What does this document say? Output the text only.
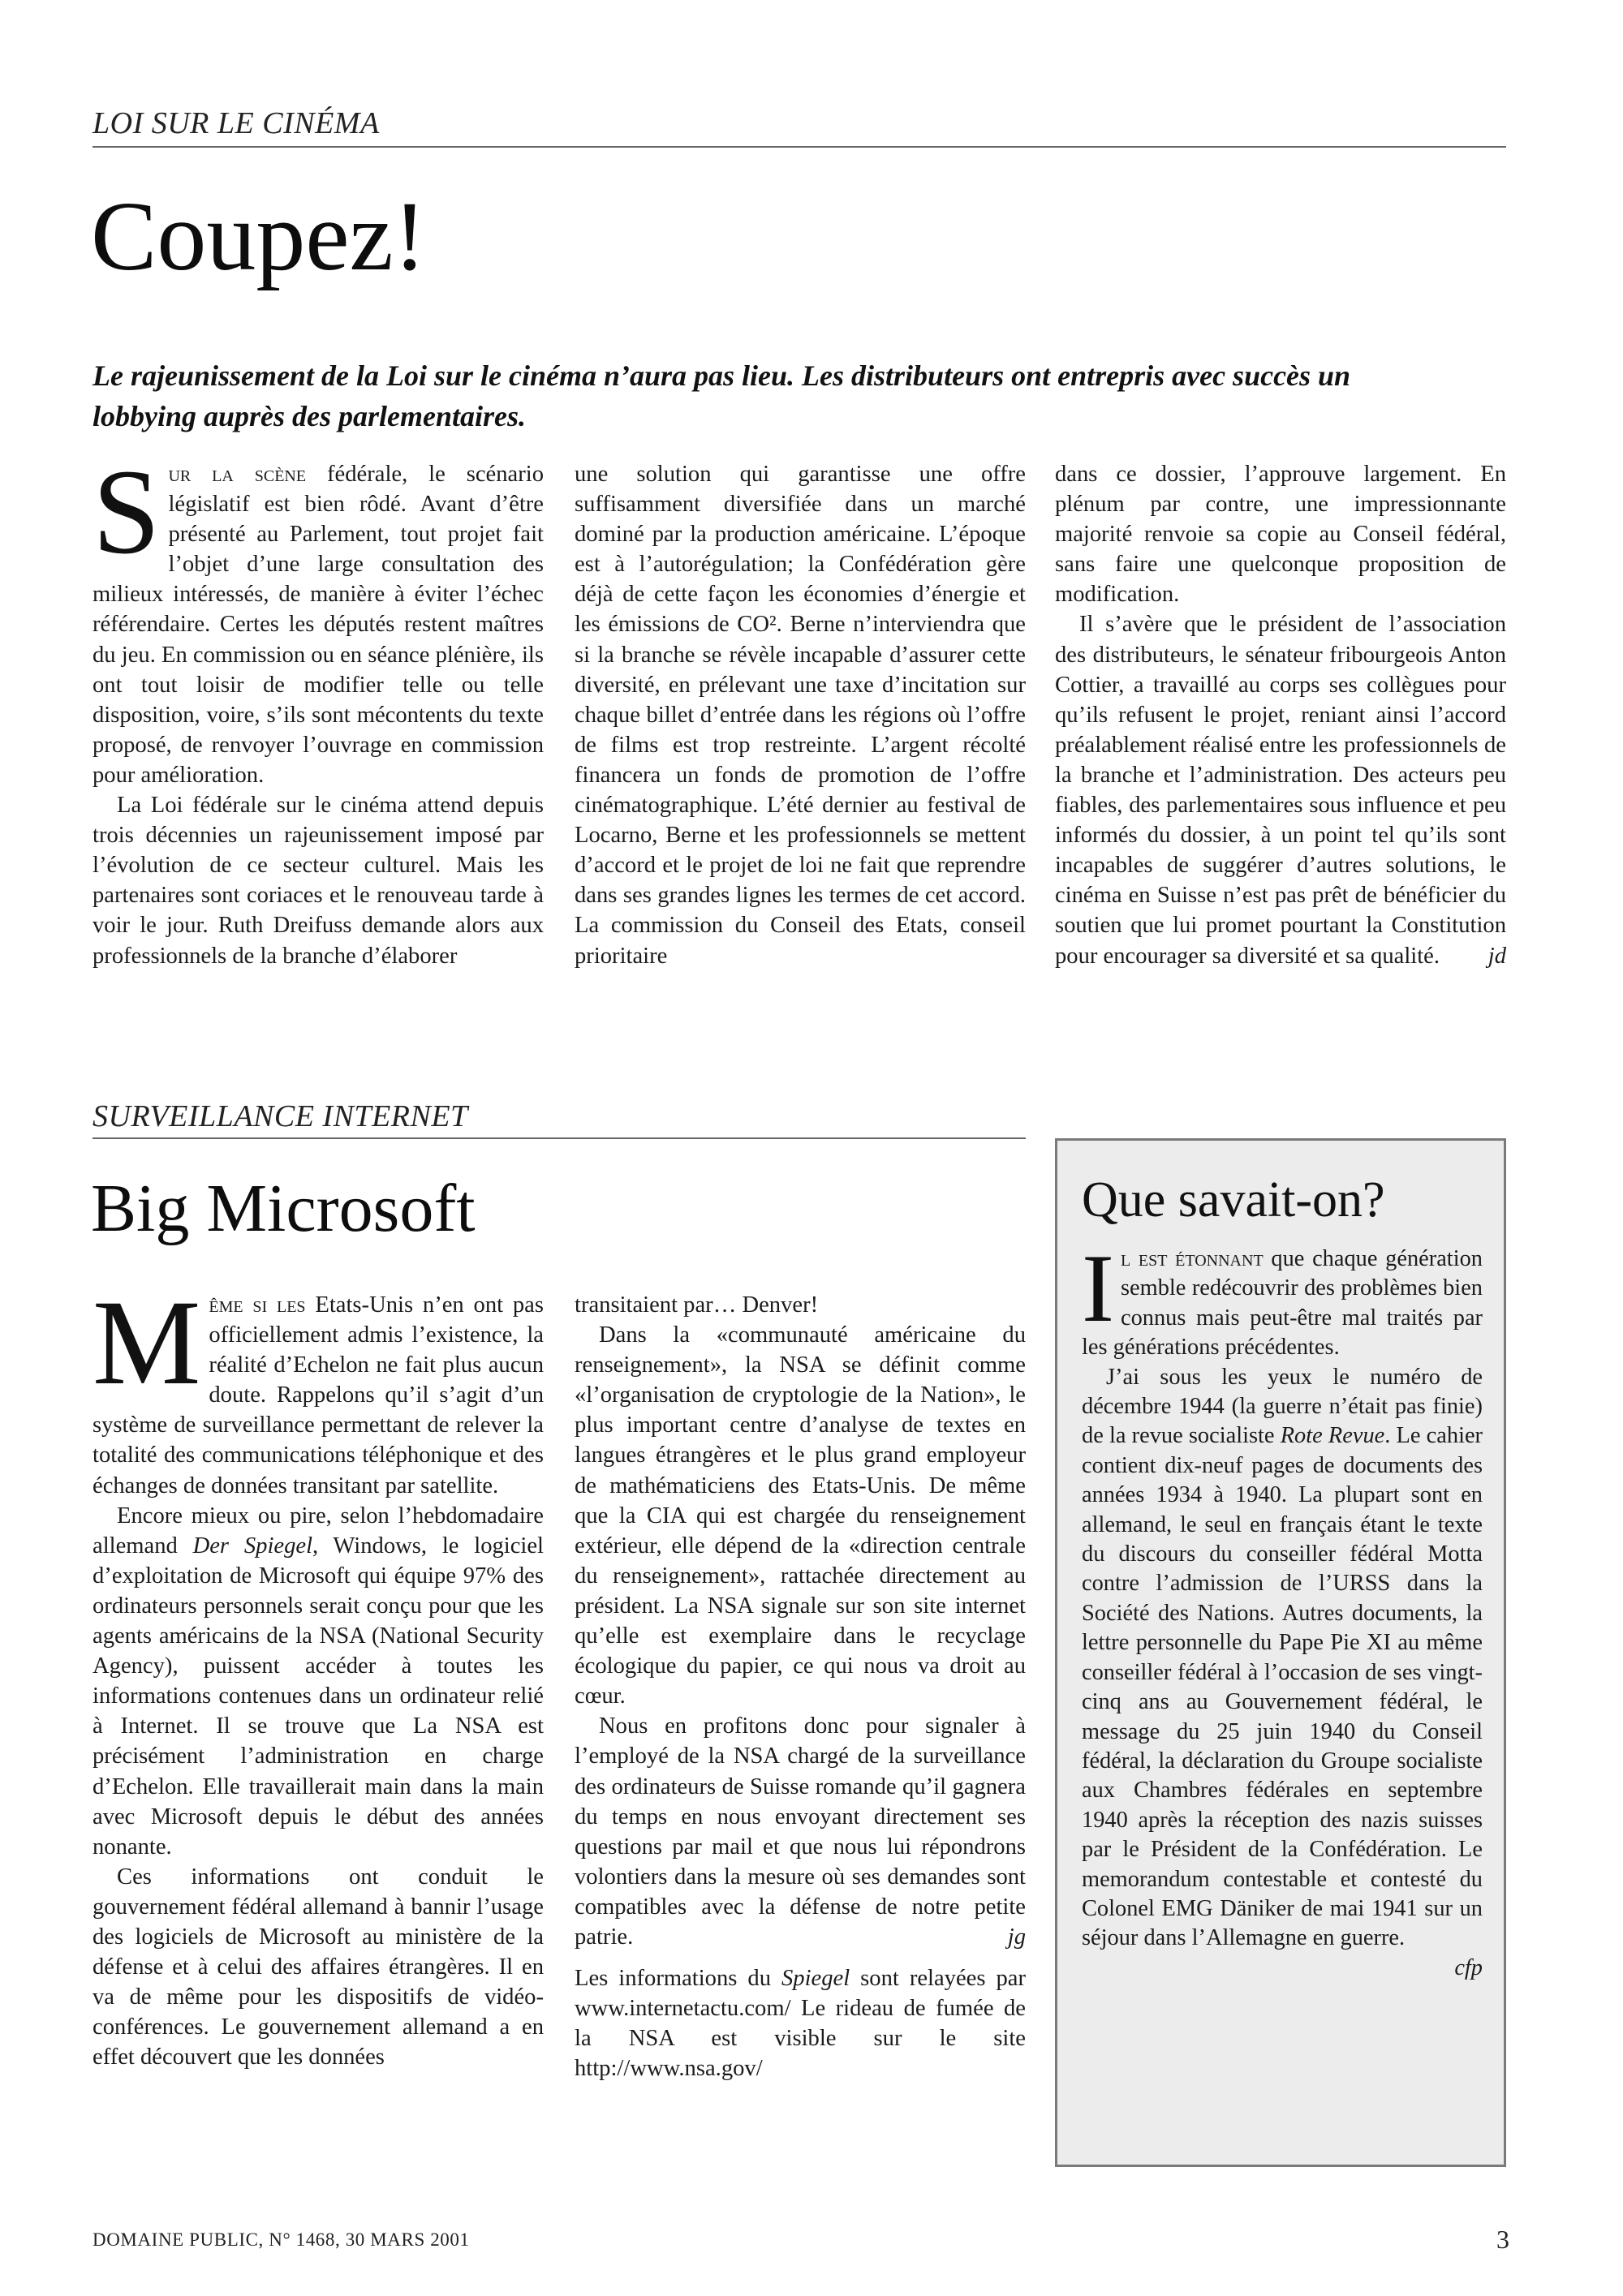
LOI SUR LE CINÉMA
Coupez!

Le rajeunissement de la Loi sur le cinéma n’aura pas lieu. Les distributeurs ont entrepris avec succès un lobbying auprès des parlementaires.

Sur la scène fédérale, le scénario législatif est bien rôdé. Avant d’être présenté au Parlement, tout projet fait l’objet d’une large consultation des milieux intéressés, de manière à éviter l’échec référendaire. Certes les députés restent maîtres du jeu. En commission ou en séance plénière, ils ont tout loisir de modifier telle ou telle disposition, voire, s’ils sont mécontents du texte proposé, de renvoyer l’ouvrage en commission pour amélioration.

La Loi fédérale sur le cinéma attend depuis trois décennies un rajeunissement imposé par l’évolution de ce secteur culturel. Mais les partenaires sont coriaces et le renouveau tarde à voir le jour. Ruth Dreifuss demande alors aux professionnels de la branche d’élaborer

une solution qui garantisse une offre suffisamment diversifiée dans un marché dominé par la production américaine. L’époque est à l’autorégulation; la Confédération gère déjà de cette façon les économies d’énergie et les émissions de CO². Berne n’interviendra que si la branche se révèle incapable d’assurer cette diversité, en prélevant une taxe d’incitation sur chaque billet d’entrée dans les régions où l’offre de films est trop restreinte. L’argent récolté financera un fonds de promotion de l’offre cinématographique. L’été dernier au festival de Locarno, Berne et les professionnels se mettent d’accord et le projet de loi ne fait que reprendre dans ses grandes lignes les termes de cet accord. La commission du Conseil des Etats, conseil prioritaire

dans ce dossier, l’approuve largement. En plénum par contre, une impressionnante majorité renvoie sa copie au Conseil fédéral, sans faire une quelconque proposition de modification.

Il s’avère que le président de l’association des distributeurs, le sénateur fribourgeois Anton Cottier, a travaillé au corps ses collègues pour qu’ils refusent le projet, reniant ainsi l’accord préalablement réalisé entre les professionnels de la branche et l’administration. Des acteurs peu fiables, des parlementaires sous influence et peu informés du dossier, à un point tel qu’ils sont incapables de suggérer d’autres solutions, le cinéma en Suisse n’est pas prêt de bénéficier du soutien que lui promet pourtant la Constitution pour encourager sa diversité et sa qualité.	jd

SURVEILLANCE INTERNET
Big Microsoft

Même si les Etats-Unis n’en ont pas officiellement admis l’existence, la réalité d’Echelon ne fait plus aucun doute. Rappelons qu’il s’agit d’un système de surveillance permettant de relever la totalité des communications téléphonique et des échanges de données transitant par satellite.

Encore mieux ou pire, selon l’hebdomadaire allemand Der Spiegel, Windows, le logiciel d’exploitation de Microsoft qui équipe 97% des ordinateurs personnels serait conçu pour que les agents américains de la NSA (National Security Agency), puissent accéder à toutes les informations contenues dans un ordinateur relié à Internet. Il se trouve que La NSA est précisément l’administration en charge d’Echelon. Elle travaillerait main dans la main avec Microsoft depuis le début des années nonante.

Ces informations ont conduit le gouvernement fédéral allemand à bannir l’usage des logiciels de Microsoft au ministère de la défense et à celui des affaires étrangères. Il en va de même pour les dispositifs de vidéo-conférences. Le gouvernement allemand a en effet découvert que les données

transitaient par… Denver!

Dans la «communauté américaine du renseignement», la NSA se définit comme «l’organisation de cryptologie de la Nation», le plus important centre d’analyse de textes en langues étrangères et le plus grand employeur de mathématiciens des Etats-Unis. De même que la CIA qui est chargée du renseignement extérieur, elle dépend de la «direction centrale du renseignement», rattachée directement au président. La NSA signale sur son site internet qu’elle est exemplaire dans le recyclage écologique du papier, ce qui nous va droit au cœur.

Nous en profitons donc pour signaler à l’employé de la NSA chargé de la surveillance des ordinateurs de Suisse romande qu’il gagnera du temps en nous envoyant directement ses questions par mail et que nous lui répondrons volontiers dans la mesure où ses demandes sont compatibles avec la défense de notre petite patrie.	jg

Les informations du Spiegel sont relayées par www.internetactu.com/ Le rideau de fumée de la NSA est visible sur le site http://www.nsa.gov/

Que savait-on?

Il est étonnant que chaque génération semble redécouvrir des problèmes bien connus mais peut-être mal traités par les générations précédentes.

J’ai sous les yeux le numéro de décembre 1944 (la guerre n’était pas finie) de la revue socialiste Rote Revue. Le cahier contient dix-neuf pages de documents des années 1934 à 1940. La plupart sont en allemand, le seul en français étant le texte du discours du conseiller fédéral Motta contre l’admission de l’URSS dans la Société des Nations. Autres documents, la lettre personnelle du Pape Pie XI au même conseiller fédéral à l’occasion de ses vingt-cinq ans au Gouvernement fédéral, le message du 25 juin 1940 du Conseil fédéral, la déclaration du Groupe socialiste aux Chambres fédérales en septembre 1940 après la réception des nazis suisses par le Président de la Confédération. Le memorandum contestable et contesté du Colonel EMG Däniker de mai 1941 sur un séjour dans l’Allemagne en guerre.

cfp

DOMAINE PUBLIC, N° 1468, 30 MARS 2001	3
